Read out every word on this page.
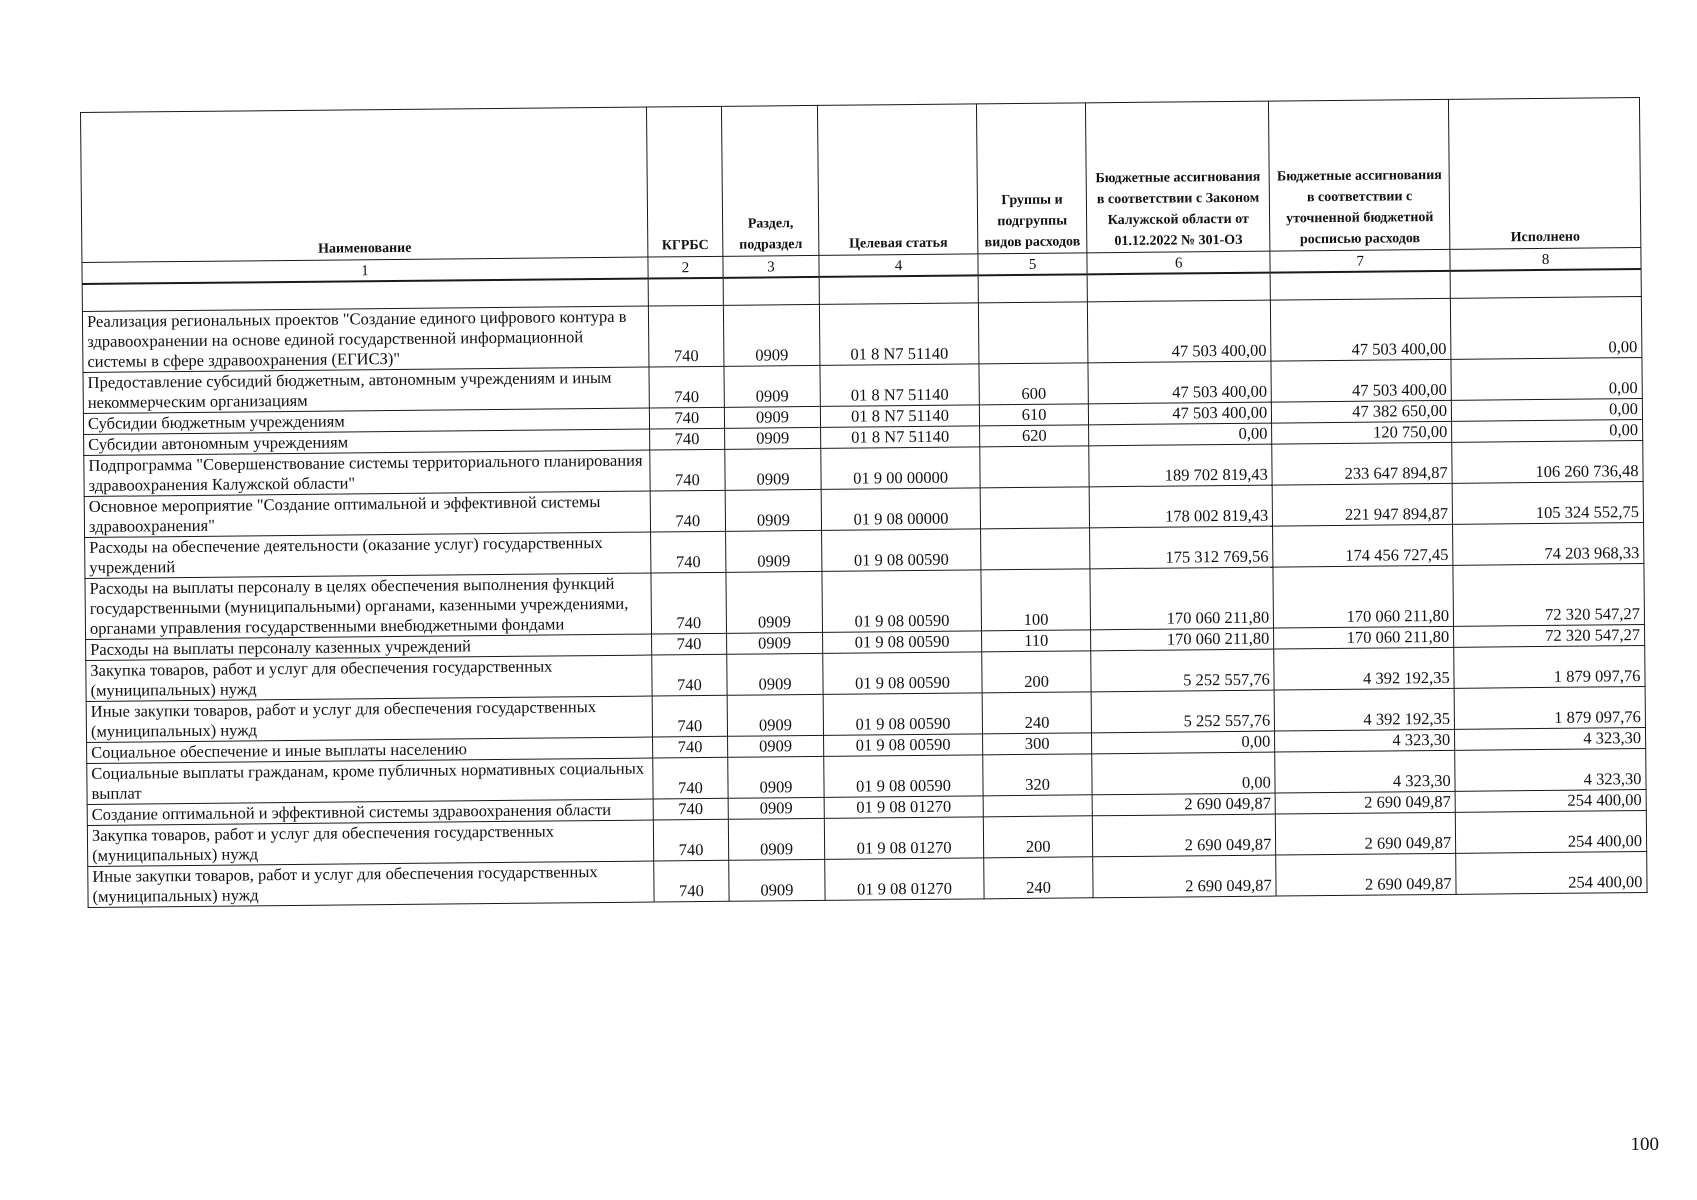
Наименование	КГРБС	Раздел, подраздел	Целевая статья	Группы и подгруппы видов расходов	Бюджетные ассигнования в соответствии с Законом Калужской области от 01.12.2022 № 301-ОЗ	Бюджетные ассигнования в соответствии с уточненной бюджетной росписью расходов	Исполнено
1	2	3	4	5	6	7	8

Реализация региональных проектов "Создание единого цифрового контура в здравоохранении на основе единой государственной информационной системы в сфере здравоохранения (ЕГИСЗ)"	740	0909	01 8 N7 51140		47 503 400,00	47 503 400,00	0,00
Предоставление субсидий бюджетным, автономным учреждениям и иным некоммерческим организациям	740	0909	01 8 N7 51140	600	47 503 400,00	47 503 400,00	0,00
Субсидии бюджетным учреждениям	740	0909	01 8 N7 51140	610	47 503 400,00	47 382 650,00	0,00
Субсидии автономным учреждениям	740	0909	01 8 N7 51140	620	0,00	120 750,00	0,00
Подпрограмма "Совершенствование системы территориального планирования здравоохранения Калужской области"	740	0909	01 9 00 00000		189 702 819,43	233 647 894,87	106 260 736,48
Основное мероприятие "Создание оптимальной и эффективной системы здравоохранения"	740	0909	01 9 08 00000		178 002 819,43	221 947 894,87	105 324 552,75
Расходы на обеспечение деятельности (оказание услуг) государственных учреждений	740	0909	01 9 08 00590		175 312 769,56	174 456 727,45	74 203 968,33
Расходы на выплаты персоналу в целях обеспечения выполнения функций государственными (муниципальными) органами, казенными учреждениями, органами управления государственными внебюджетными фондами	740	0909	01 9 08 00590	100	170 060 211,80	170 060 211,80	72 320 547,27
Расходы на выплаты персоналу казенных учреждений	740	0909	01 9 08 00590	110	170 060 211,80	170 060 211,80	72 320 547,27
Закупка товаров, работ и услуг для обеспечения государственных (муниципальных) нужд	740	0909	01 9 08 00590	200	5 252 557,76	4 392 192,35	1 879 097,76
Иные закупки товаров, работ и услуг для обеспечения государственных (муниципальных) нужд	740	0909	01 9 08 00590	240	5 252 557,76	4 392 192,35	1 879 097,76
Социальное обеспечение и иные выплаты населению	740	0909	01 9 08 00590	300	0,00	4 323,30	4 323,30
Социальные выплаты гражданам, кроме публичных нормативных социальных выплат	740	0909	01 9 08 00590	320	0,00	4 323,30	4 323,30
Создание оптимальной и эффективной системы здравоохранения области	740	0909	01 9 08 01270		2 690 049,87	2 690 049,87	254 400,00
Закупка товаров, работ и услуг для обеспечения государственных (муниципальных) нужд	740	0909	01 9 08 01270	200	2 690 049,87	2 690 049,87	254 400,00
Иные закупки товаров, работ и услуг для обеспечения государственных (муниципальных) нужд	740	0909	01 9 08 01270	240	2 690 049,87	2 690 049,87	254 400,00
100
